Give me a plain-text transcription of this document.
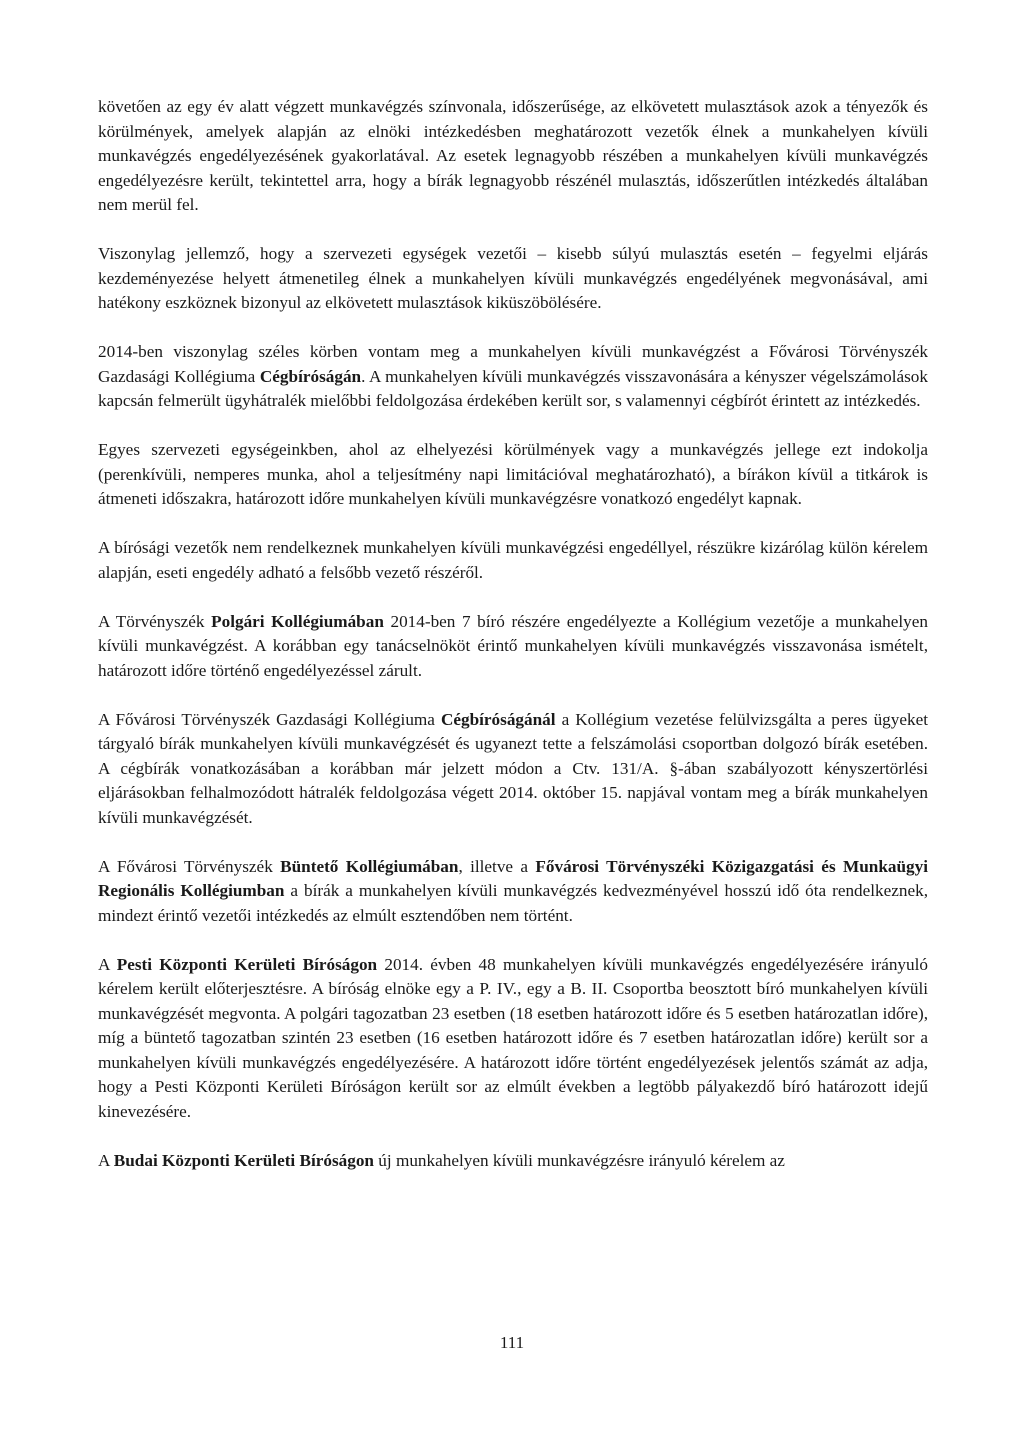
követően az egy év alatt végzett munkavégzés színvonala, időszerűsége, az elkövetett mulasztások azok a tényezők és körülmények, amelyek alapján az elnöki intézkedésben meghatározott vezetők élnek a munkahelyen kívüli munkavégzés engedélyezésének gyakorlatával. Az esetek legnagyobb részében a munkahelyen kívüli munkavégzés engedélyezésre került, tekintettel arra, hogy a bírák legnagyobb részénél mulasztás, időszerűtlen intézkedés általában nem merül fel.

Viszonylag jellemző, hogy a szervezeti egységek vezetői – kisebb súlyú mulasztás esetén – fegyelmi eljárás kezdeményezése helyett átmenetileg élnek a munkahelyen kívüli munkavégzés engedélyének megvonásával, ami hatékony eszköznek bizonyul az elkövetett mulasztások kiküszöbölésére.

2014-ben viszonylag széles körben vontam meg a munkahelyen kívüli munkavégzést a Fővárosi Törvényszék Gazdasági Kollégiuma Cégbíróságán. A munkahelyen kívüli munkavégzés visszavonására a kényszer végelszámolások kapcsán felmerült ügyhátralék mielőbbi feldolgozása érdekében került sor, s valamennyi cégbírót érintett az intézkedés.

Egyes szervezeti egységeinkben, ahol az elhelyezési körülmények vagy a munkavégzés jellege ezt indokolja (perenkívüli, nemperes munka, ahol a teljesítmény napi limitációval meghatározható), a bírákon kívül a titkárok is átmeneti időszakra, határozott időre munkahelyen kívüli munkavégzésre vonatkozó engedélyt kapnak.

A bírósági vezetők nem rendelkeznek munkahelyen kívüli munkavégzési engedéllyel, részükre kizárólag külön kérelem alapján, eseti engedély adható a felsőbb vezető részéről.

A Törvényszék Polgári Kollégiumában 2014-ben 7 bíró részére engedélyezte a Kollégium vezetője a munkahelyen kívüli munkavégzést. A korábban egy tanácselnököt érintő munkahelyen kívüli munkavégzés visszavonása ismételt, határozott időre történő engedélyezéssel zárult.

A Fővárosi Törvényszék Gazdasági Kollégiuma Cégbíróságánál a Kollégium vezetése felülvizsgálta a peres ügyeket tárgyaló bírák munkahelyen kívüli munkavégzését és ugyanezt tette a felszámolási csoportban dolgozó bírák esetében. A cégbírák vonatkozásában a korábban már jelzett módon a Ctv. 131/A. §-ában szabályozott kényszertörlési eljárásokban felhalmozódott hátralék feldolgozása végett 2014. október 15. napjával vontam meg a bírák munkahelyen kívüli munkavégzését.

A Fővárosi Törvényszék Büntető Kollégiumában, illetve a Fővárosi Törvényszéki Közigazgatási és Munkaügyi Regionális Kollégiumban a bírák a munkahelyen kívüli munkavégzés kedvezményével hosszú idő óta rendelkeznek, mindezt érintő vezetői intézkedés az elmúlt esztendőben nem történt.

A Pesti Központi Kerületi Bíróságon 2014. évben 48 munkahelyen kívüli munkavégzés engedélyezésére irányuló kérelem került előterjesztésre. A bíróság elnöke egy a P. IV., egy a B. II. Csoportba beosztott bíró munkahelyen kívüli munkavégzését megvonta. A polgári tagozatban 23 esetben (18 esetben határozott időre és 5 esetben határozatlan időre), míg a büntető tagozatban szintén 23 esetben (16 esetben határozott időre és 7 esetben határozatlan időre) került sor a munkahelyen kívüli munkavégzés engedélyezésére. A határozott időre történt engedélyezések jelentős számát az adja, hogy a Pesti Központi Kerületi Bíróságon került sor az elmúlt években a legtöbb pályakezdő bíró határozott idejű kinevezésére.

A Budai Központi Kerületi Bíróságon új munkahelyen kívüli munkavégzésre irányuló kérelem az

111
